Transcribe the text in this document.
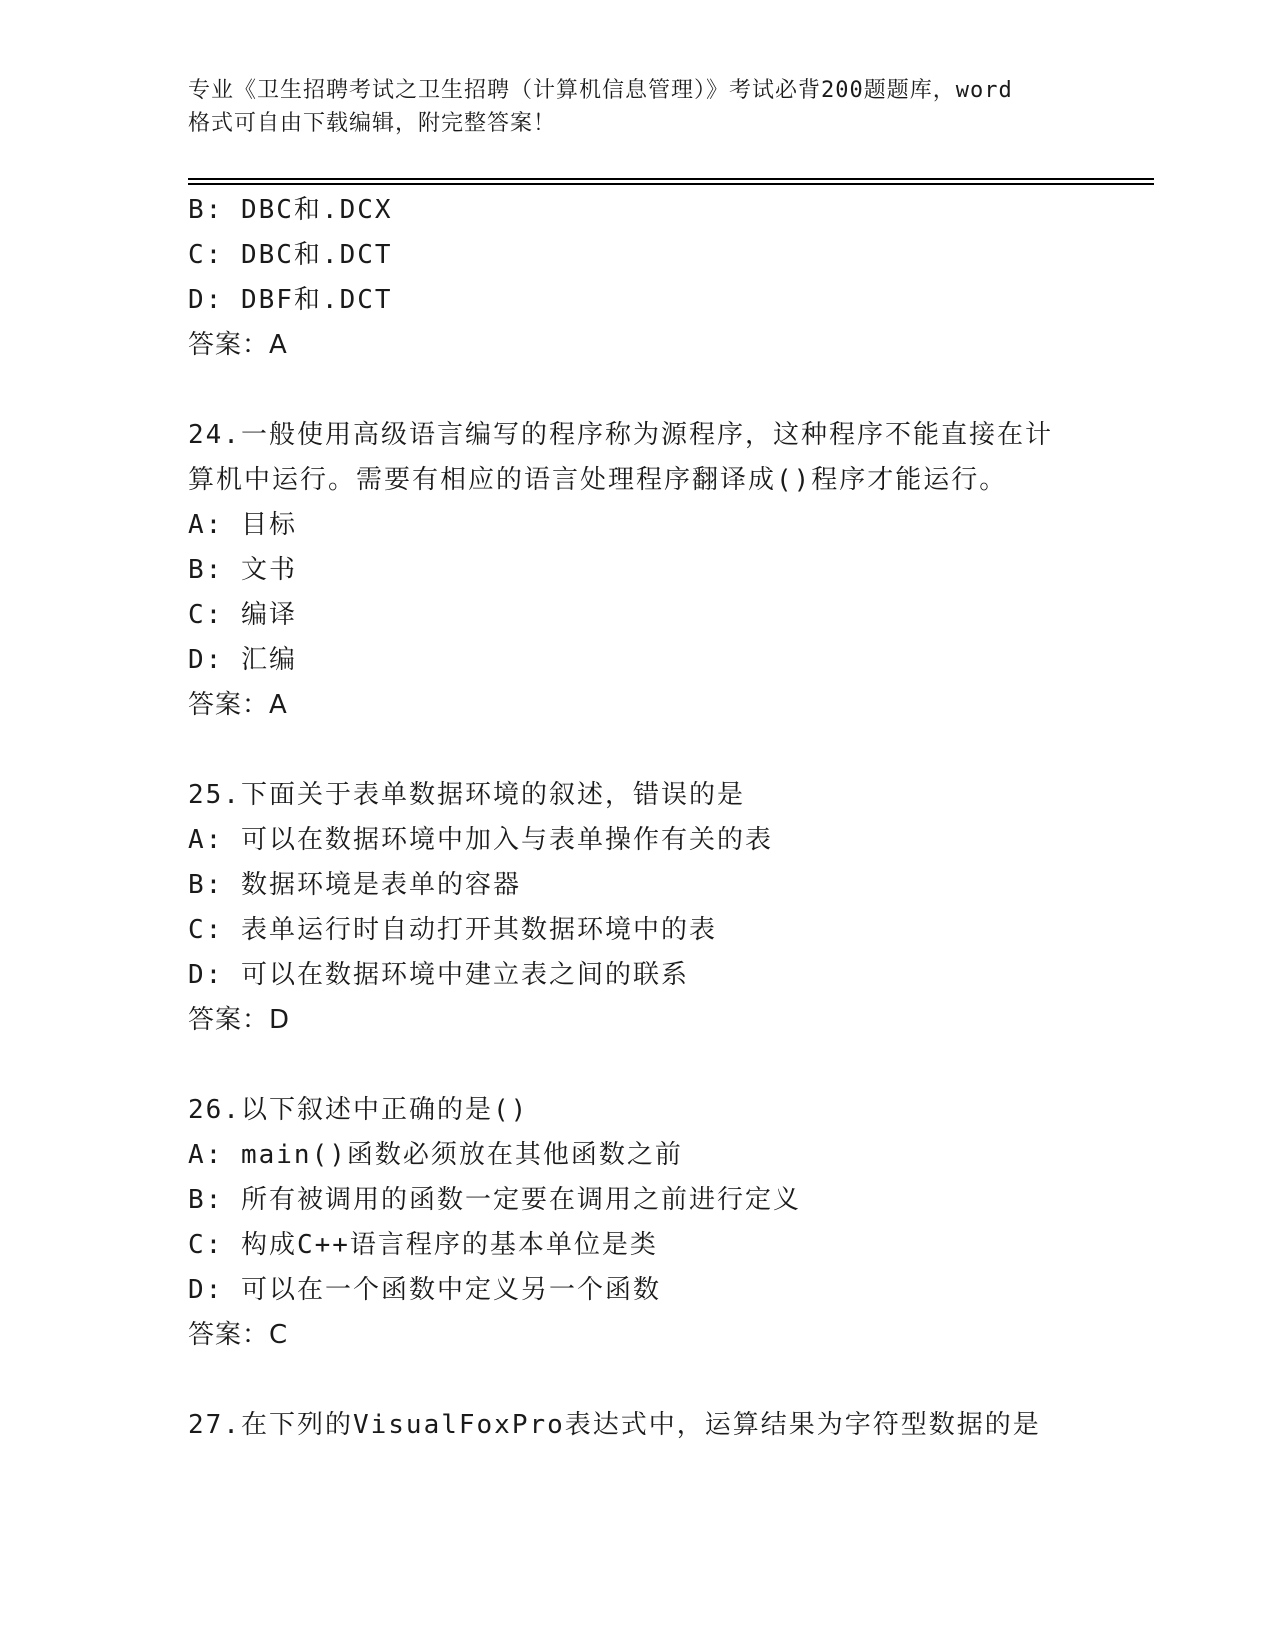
专业《卫生招聘考试之卫生招聘（计算机信息管理）》考试必背200题题库，word
格式可自由下载编辑，附完整答案！
B: DBC和.DCX
C: DBC和.DCT
D: DBF和.DCT
答案：A
24.一般使用高级语言编写的程序称为源程序，这种程序不能直接在计
算机中运行。需要有相应的语言处理程序翻译成()程序才能运行。
A: 目标
B: 文书
C: 编译
D: 汇编
答案：A
25.下面关于表单数据环境的叙述，错误的是
A: 可以在数据环境中加入与表单操作有关的表
B: 数据环境是表单的容器
C: 表单运行时自动打开其数据环境中的表
D: 可以在数据环境中建立表之间的联系
答案：D
26.以下叙述中正确的是()
A: main()函数必须放在其他函数之前
B: 所有被调用的函数一定要在调用之前进行定义
C: 构成C++语言程序的基本单位是类
D: 可以在一个函数中定义另一个函数
答案：C
27.在下列的VisualFoxPro表达式中，运算结果为字符型数据的是
